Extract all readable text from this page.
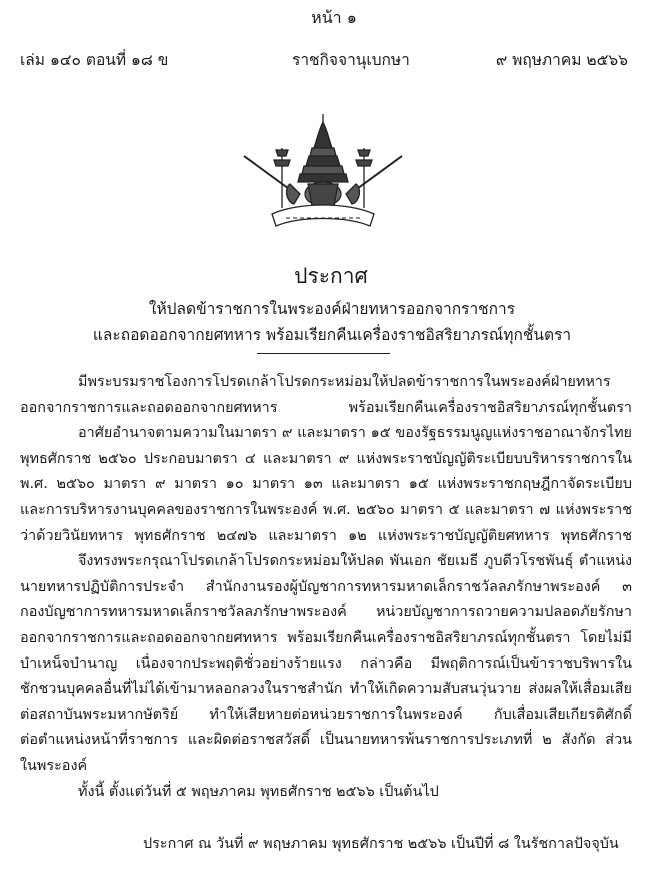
หน้า ๑
เล่ม ๑๔๐ ตอนที่ ๑๘ ข	ราชกิจจานุเบกษา	๙ พฤษภาคม ๒๕๖๖
ประกาศ
ให้ปลดข้าราชการในพระองค์ฝ่ายทหารออกจากราชการ
และถอดออกจากยศทหาร พร้อมเรียกคืนเครื่องราชอิสริยาภรณ์ทุกชั้นตรา
มีพระบรมราชโองการโปรดเกล้าโปรดกระหม่อมให้ปลดข้าราชการในพระองค์ฝ่ายทหาร
ออกจากราชการและถอดออกจากยศทหาร พร้อมเรียกคืนเครื่องราชอิสริยาภรณ์ทุกชั้นตรา
อาศัยอำนาจตามความในมาตรา ๙ และมาตรา ๑๕ ของรัฐธรรมนูญแห่งราชอาณาจักรไทย
พุทธศักราช ๒๕๖๐ ประกอบมาตรา ๔ และมาตรา ๙ แห่งพระราชบัญญัติระเบียบบริหารราชการใน
พ.ศ. ๒๕๖๐ มาตรา ๙ มาตรา ๑๐ มาตรา ๑๓ และมาตรา ๑๕ แห่งพระราชกฤษฎีกาจัดระเบียบ
และการบริหารงานบุคคลของราชการในพระองค์ พ.ศ. ๒๕๖๐ มาตรา ๕ และมาตรา ๗ แห่งพระราช
ว่าด้วยวินัยทหาร พุทธศักราช ๒๔๗๖ และมาตรา ๑๒ แห่งพระราชบัญญัติยศทหาร พุทธศักราช
จึงทรงพระกรุณาโปรดเกล้าโปรดกระหม่อมให้ปลด พันเอก ชัยเมธี ภูบดีวโรชพันธุ์ ตำแหน่ง
นายทหารปฏิบัติการประจำ สำนักงานรองผู้บัญชาการทหารมหาดเล็กราชวัลลภรักษาพระองค์ ๓
กองบัญชาการทหารมหาดเล็กราชวัลลภรักษาพระองค์ หน่วยบัญชาการถวายความปลอดภัยรักษา
ออกจากราชการและถอดออกจากยศทหาร พร้อมเรียกคืนเครื่องราชอิสริยาภรณ์ทุกชั้นตรา โดยไม่มี
บำเหน็จบำนาญ เนื่องจากประพฤติชั่วอย่างร้ายแรง กล่าวคือ มีพฤติการณ์เป็นข้าราชบริพารใน
ชักชวนบุคคลอื่นที่ไม่ได้เข้ามาหลอกลวงในราชสำนัก ทำให้เกิดความสับสนวุ่นวาย ส่งผลให้เสื่อมเสีย
ต่อสถาบันพระมหากษัตริย์ ทำให้เสียหายต่อหน่วยราชการในพระองค์ กับเสื่อมเสียเกียรติศักดิ์
ต่อตำแหน่งหน้าที่ราชการ และผิดต่อราชสวัสดิ์ เป็นนายทหารพ้นราชการประเภทที่ ๒ สังกัด ส่วน
ในพระองค์
ทั้งนี้ ตั้งแต่วันที่ ๕ พฤษภาคม พุทธศักราช ๒๕๖๖ เป็นต้นไป
ประกาศ ณ วันที่ ๙ พฤษภาคม พุทธศักราช ๒๕๖๖ เป็นปีที่ ๘ ในรัชกาลปัจจุบัน
